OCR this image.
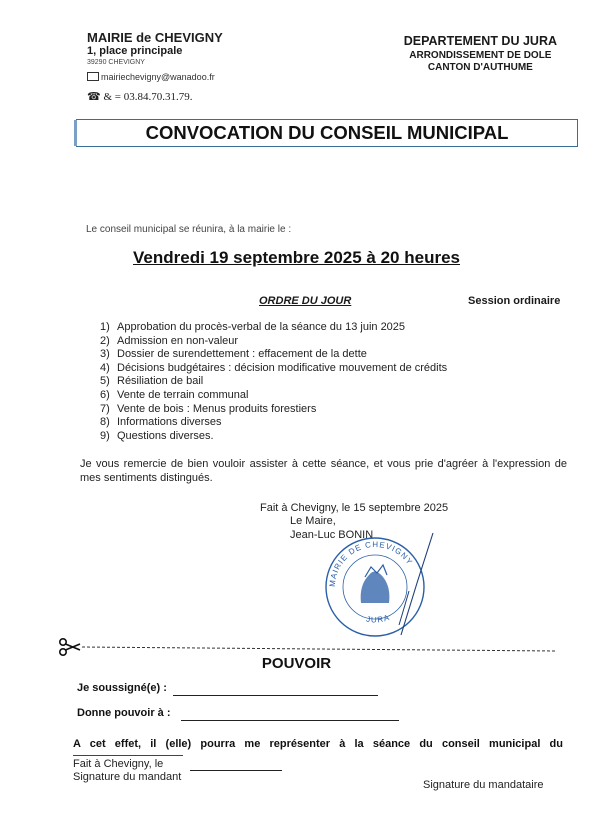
MAIRIE de CHEVIGNY
1, place principale
39290 CHEVIGNY
mairiechevigny@wanadoo.fr
☎ & = 03.84.70.31.79.
DEPARTEMENT DU JURA
ARRONDISSEMENT DE DOLE
CANTON D'AUTHUME
CONVOCATION DU CONSEIL MUNICIPAL
Le conseil municipal se réunira, à la mairie le :
Vendredi 19 septembre 2025 à 20 heures
ORDRE DU JOUR	Session ordinaire
1) Approbation du procès-verbal de la séance du 13 juin 2025
2) Admission en non-valeur
3) Dossier de surendettement : effacement de la dette
4) Décisions budgétaires : décision modificative mouvement de crédits
5) Résiliation de bail
6) Vente de terrain communal
7) Vente de bois : Menus produits forestiers
8) Informations diverses
9) Questions diverses.
Je vous remercie de bien vouloir assister à cette séance, et vous prie d'agréer à l'expression de mes sentiments distingués.
Fait à Chevigny, le 15 septembre 2025
Le Maire,
Jean-Luc BONIN
MAIRIE DE CHEVIGNY
JURA
POUVOIR
Je soussigné(e) :
Donne pouvoir à :
A cet effet, il (elle) pourra me représenter à la séance du conseil municipal du
Fait à Chevigny, le
Signature du mandant
Signature du mandataire
